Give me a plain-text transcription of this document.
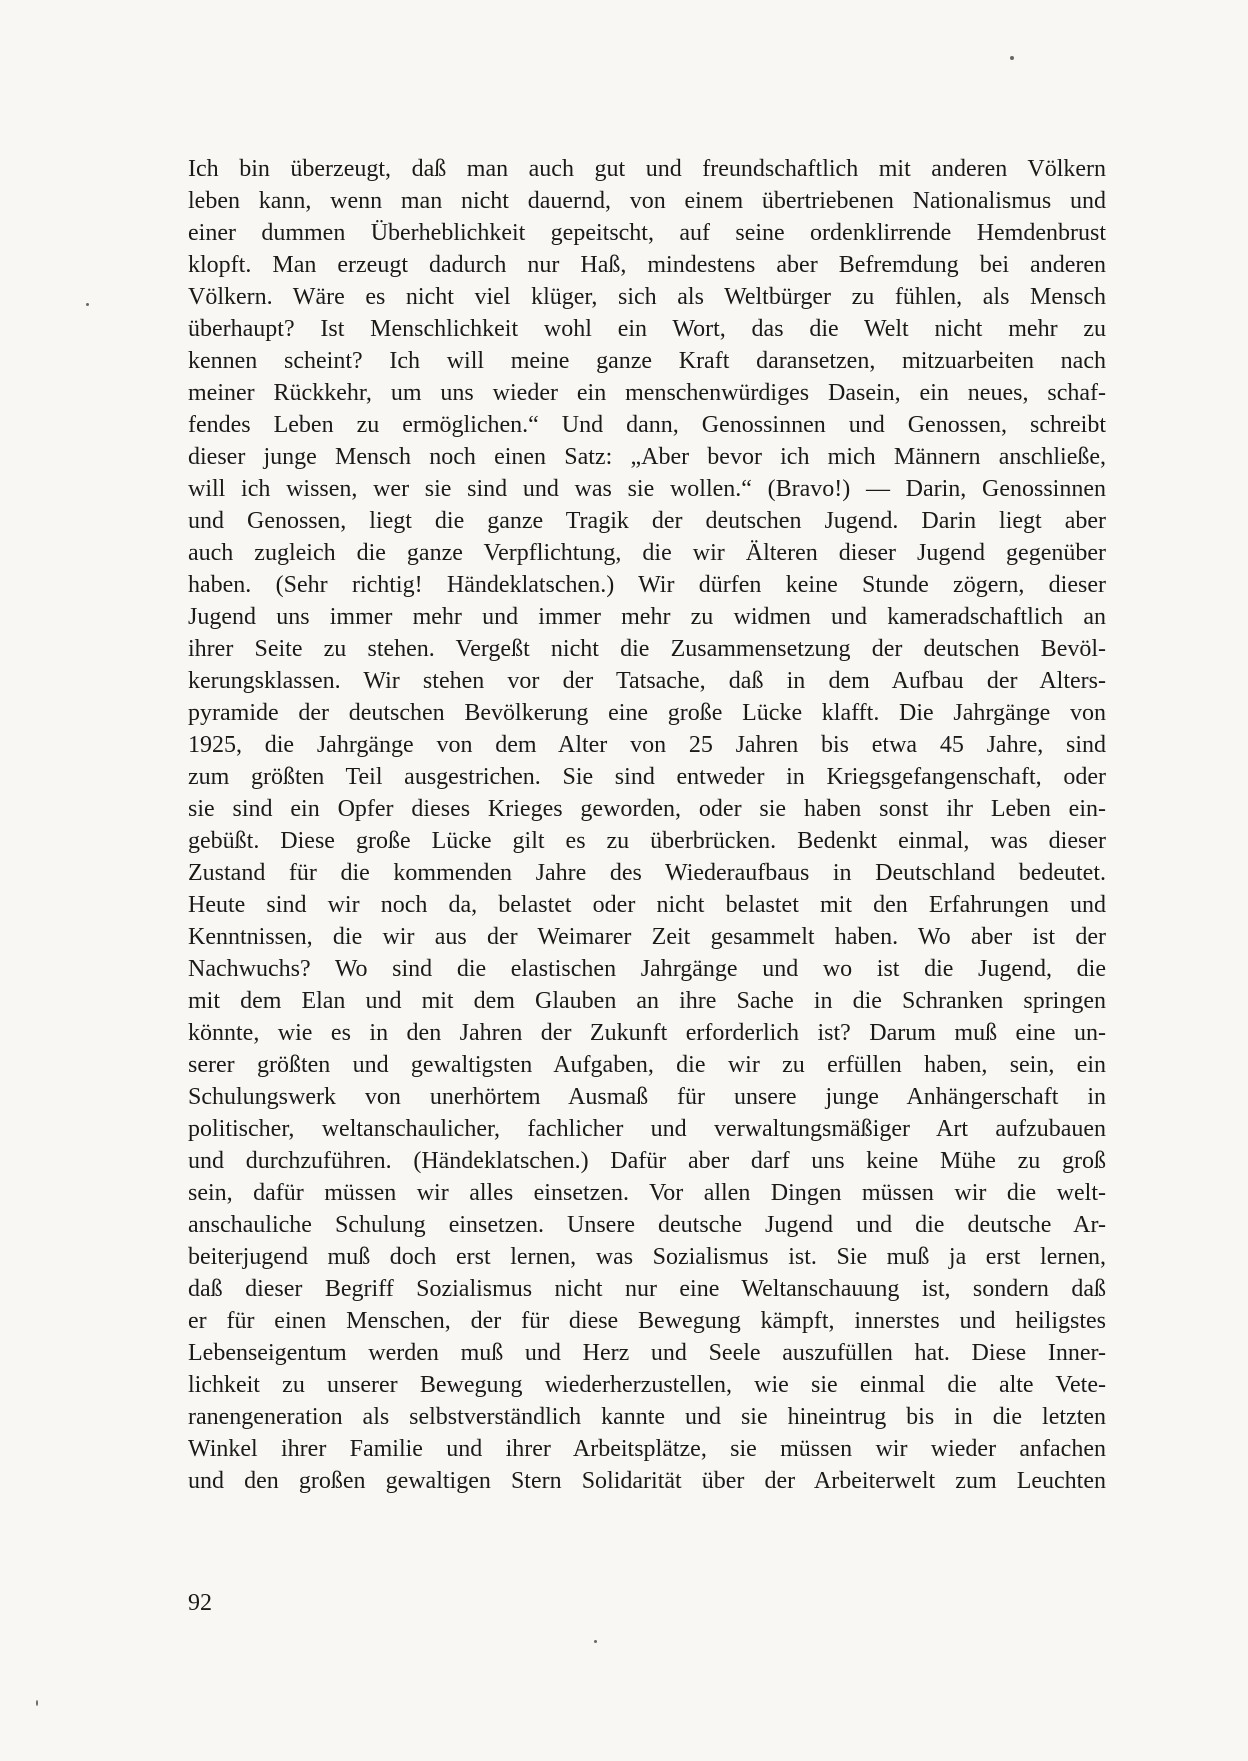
Ich bin überzeugt, daß man auch gut und freundschaftlich mit anderen Völkern
leben kann, wenn man nicht dauernd, von einem übertriebenen Nationalismus und
einer dummen Überheblichkeit gepeitscht, auf seine ordenklirrende Hemdenbrust
klopft. Man erzeugt dadurch nur Haß, mindestens aber Befremdung bei anderen
Völkern. Wäre es nicht viel klüger, sich als Weltbürger zu fühlen, als Mensch
überhaupt? Ist Menschlichkeit wohl ein Wort, das die Welt nicht mehr zu
kennen scheint? Ich will meine ganze Kraft daransetzen, mitzuarbeiten nach
meiner Rückkehr, um uns wieder ein menschenwürdiges Dasein, ein neues, schaf-
fendes Leben zu ermöglichen.“ Und dann, Genossinnen und Genossen, schreibt
dieser junge Mensch noch einen Satz: „Aber bevor ich mich Männern anschließe,
will ich wissen, wer sie sind und was sie wollen.“ (Bravo!) — Darin, Genossinnen
und Genossen, liegt die ganze Tragik der deutschen Jugend. Darin liegt aber
auch zugleich die ganze Verpflichtung, die wir Älteren dieser Jugend gegenüber
haben. (Sehr richtig! Händeklatschen.) Wir dürfen keine Stunde zögern, dieser
Jugend uns immer mehr und immer mehr zu widmen und kameradschaftlich an
ihrer Seite zu stehen. Vergeßt nicht die Zusammensetzung der deutschen Bevöl-
kerungsklassen. Wir stehen vor der Tatsache, daß in dem Aufbau der Alters-
pyramide der deutschen Bevölkerung eine große Lücke klafft. Die Jahrgänge von
1925, die Jahrgänge von dem Alter von 25 Jahren bis etwa 45 Jahre, sind
zum größten Teil ausgestrichen. Sie sind entweder in Kriegsgefangenschaft, oder
sie sind ein Opfer dieses Krieges geworden, oder sie haben sonst ihr Leben ein-
gebüßt. Diese große Lücke gilt es zu überbrücken. Bedenkt einmal, was dieser
Zustand für die kommenden Jahre des Wiederaufbaus in Deutschland bedeutet.
Heute sind wir noch da, belastet oder nicht belastet mit den Erfahrungen und
Kenntnissen, die wir aus der Weimarer Zeit gesammelt haben. Wo aber ist der
Nachwuchs? Wo sind die elastischen Jahrgänge und wo ist die Jugend, die
mit dem Elan und mit dem Glauben an ihre Sache in die Schranken springen
könnte, wie es in den Jahren der Zukunft erforderlich ist? Darum muß eine un-
serer größten und gewaltigsten Aufgaben, die wir zu erfüllen haben, sein, ein
Schulungswerk von unerhörtem Ausmaß für unsere junge Anhängerschaft in
politischer, weltanschaulicher, fachlicher und verwaltungsmäßiger Art aufzubauen
und durchzuführen. (Händeklatschen.) Dafür aber darf uns keine Mühe zu groß
sein, dafür müssen wir alles einsetzen. Vor allen Dingen müssen wir die welt-
anschauliche Schulung einsetzen. Unsere deutsche Jugend und die deutsche Ar-
beiterjugend muß doch erst lernen, was Sozialismus ist. Sie muß ja erst lernen,
daß dieser Begriff Sozialismus nicht nur eine Weltanschauung ist, sondern daß
er für einen Menschen, der für diese Bewegung kämpft, innerstes und heiligstes
Lebenseigentum werden muß und Herz und Seele auszufüllen hat. Diese Inner-
lichkeit zu unserer Bewegung wiederherzustellen, wie sie einmal die alte Vete-
ranengeneration als selbstverständlich kannte und sie hineintrug bis in die letzten
Winkel ihrer Familie und ihrer Arbeitsplätze, sie müssen wir wieder anfachen
und den großen gewaltigen Stern Solidarität über der Arbeiterwelt zum Leuchten
92
